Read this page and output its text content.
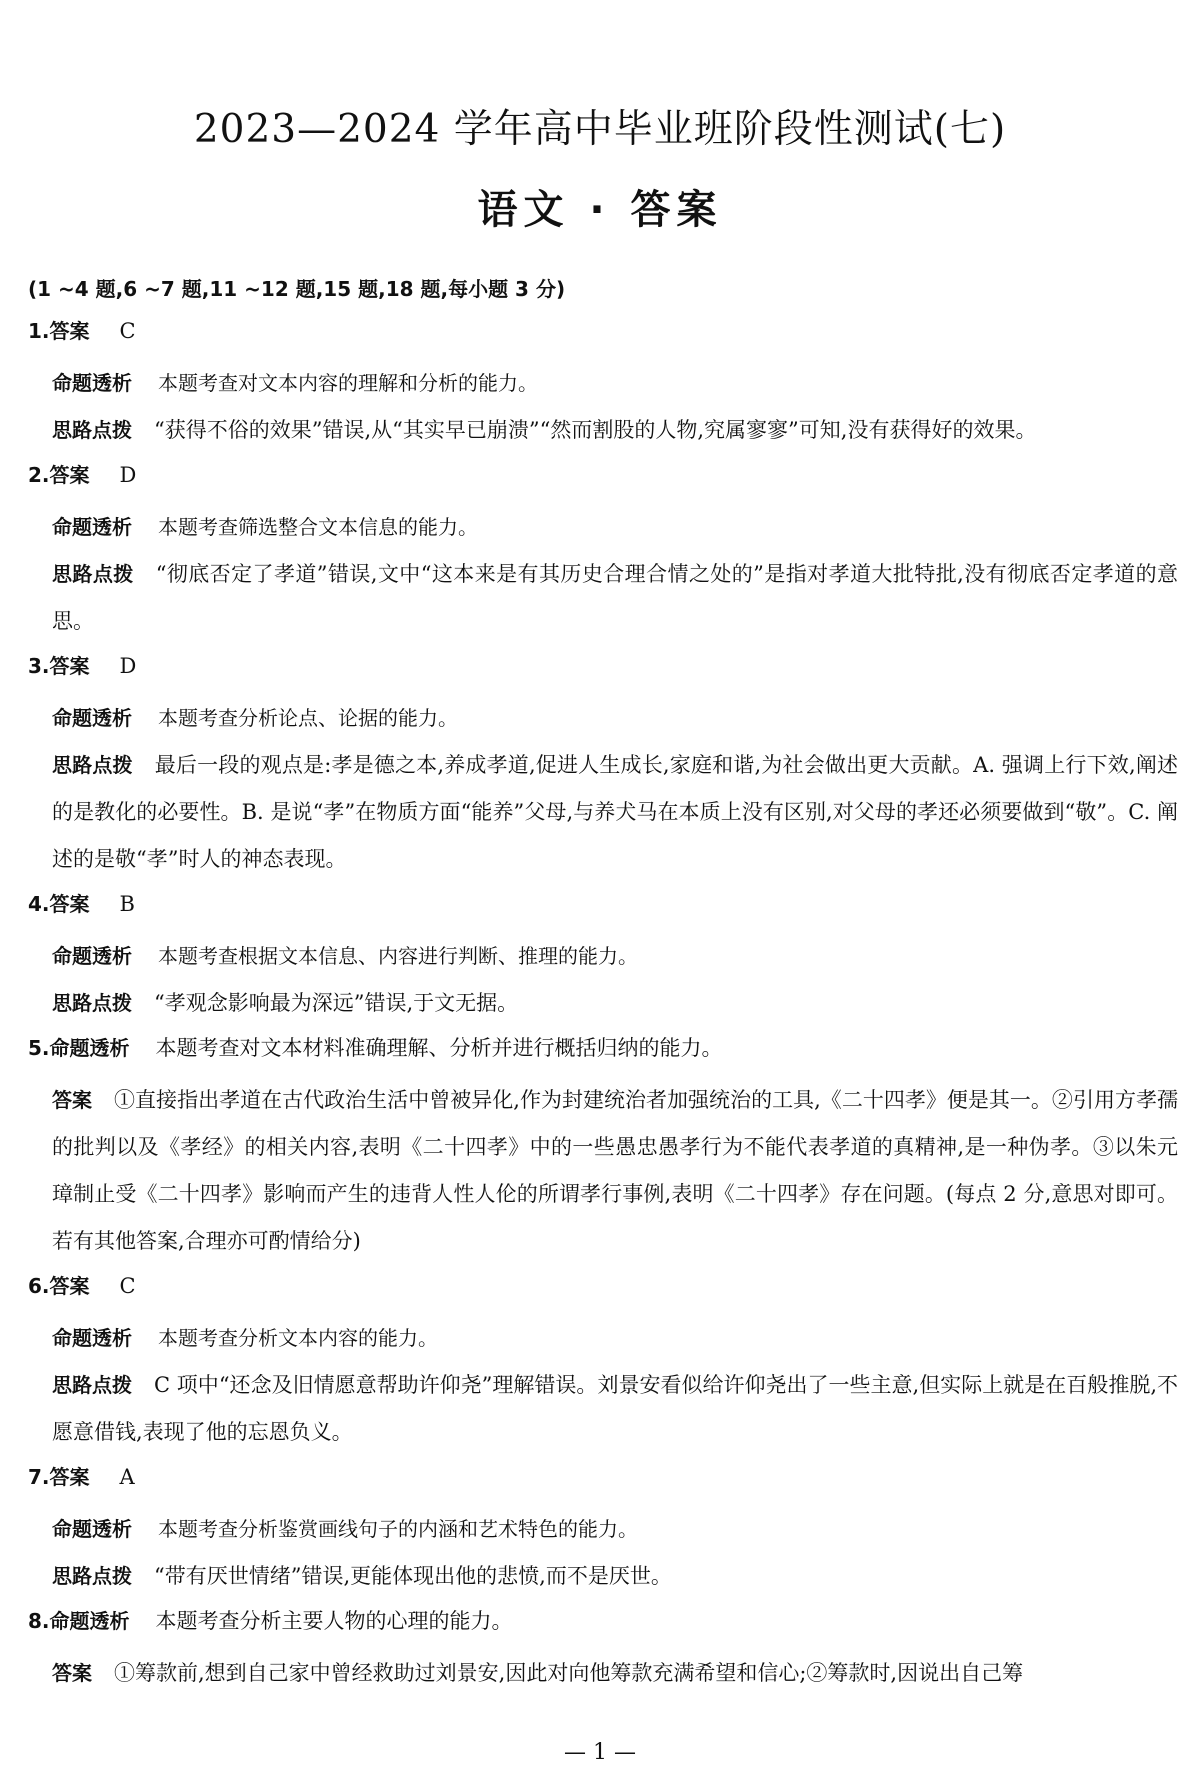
2023—2024 学年高中毕业班阶段性测试(七)
语文 · 答案
(1 ~4 题,6 ~7 题,11 ~12 题,15 题,18 题,每小题 3 分)
1. 答案 C
命题透析 本题考查对文本内容的理解和分析的能力。
思路点拨 “获得不俗的效果”错误,从“其实早已崩溃”“然而割股的人物,究属寥寥”可知,没有获得好的效果。
2. 答案 D
命题透析 本题考查筛选整合文本信息的能力。
思路点拨 “彻底否定了孝道”错误,文中“这本来是有其历史合理合情之处的”是指对孝道大批特批,没有彻底否定孝道的意思。
3. 答案 D
命题透析 本题考查分析论点、论据的能力。
思路点拨 最后一段的观点是:孝是德之本,养成孝道,促进人生成长,家庭和谐,为社会做出更大贡献。A. 强调上行下效,阐述的是教化的必要性。B. 是说“孝”在物质方面“能养”父母,与养犬马在本质上没有区别,对父母的孝还必须要做到“敬”。C. 阐述的是敬“孝”时人的神态表现。
4. 答案 B
命题透析 本题考查根据文本信息、内容进行判断、推理的能力。
思路点拨 “孝观念影响最为深远”错误,于文无据。
5. 命题透析 本题考查对文本材料准确理解、分析并进行概括归纳的能力。
答案 ①直接指出孝道在古代政治生活中曾被异化,作为封建统治者加强统治的工具,《二十四孝》便是其一。②引用方孝孺的批判以及《孝经》的相关内容,表明《二十四孝》中的一些愚忠愚孝行为不能代表孝道的真精神,是一种伪孝。③以朱元璋制止受《二十四孝》影响而产生的违背人性人伦的所谓孝行事例,表明《二十四孝》存在问题。(每点 2 分,意思对即可。若有其他答案,合理亦可酌情给分)
6. 答案 C
命题透析 本题考查分析文本内容的能力。
思路点拨 C 项中“还念及旧情愿意帮助许仰尧”理解错误。刘景安看似给许仰尧出了一些主意,但实际上就是在百般推脱,不愿意借钱,表现了他的忘恩负义。
7. 答案 A
命题透析 本题考查分析鉴赏画线句子的内涵和艺术特色的能力。
思路点拨 “带有厌世情绪”错误,更能体现出他的悲愤,而不是厌世。
8. 命题透析 本题考查分析主要人物的心理的能力。
答案 ①筹款前,想到自己家中曾经救助过刘景安,因此对向他筹款充满希望和信心;②筹款时,因说出自己筹
— 1 —
